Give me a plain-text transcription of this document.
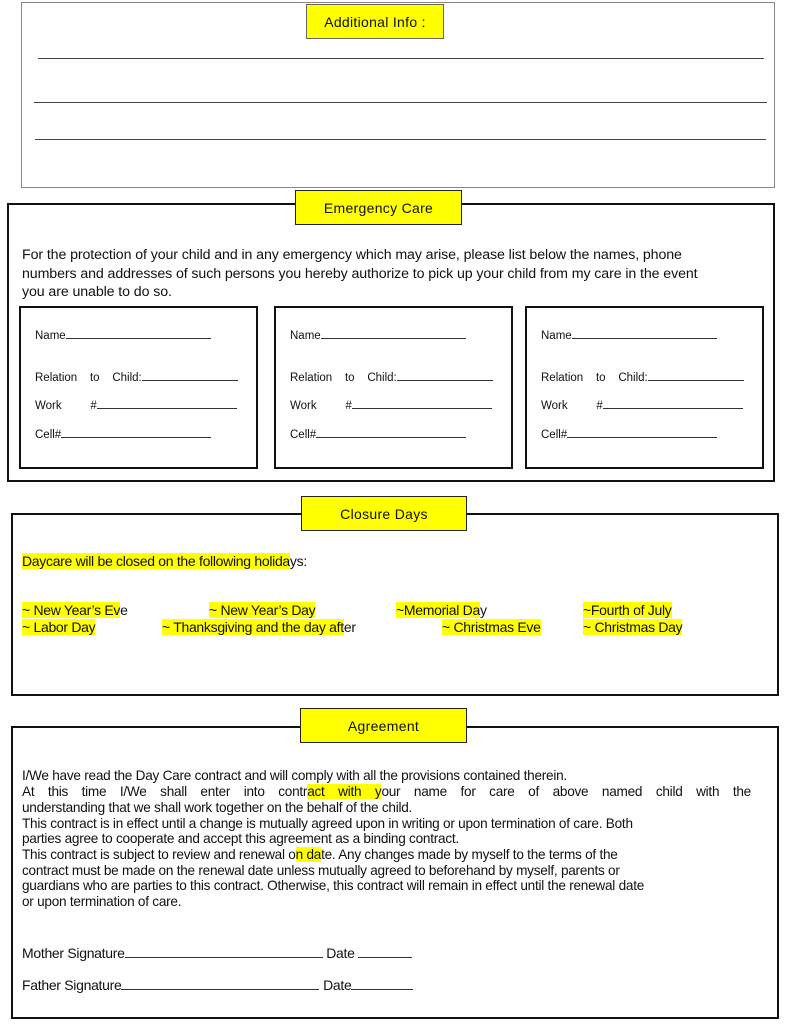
Additional Info :
Emergency Care
For the protection of your child and in any emergency which may arise, please list below the names, phone
numbers and addresses of such persons you hereby authorize to pick up your child from my care in the event
you are unable to do so.
Name
Relation    to    Child:
Work         #
Cell#
Name
Relation    to    Child:
Work         #
Cell#
Name
Relation    to    Child:
Work         #
Cell#
Closure Days
Daycare will be closed on the following holidays:
~ New Year’s Eve	~ New Year’s Day	~Memorial Day	~Fourth of July
~ Labor Day	~ Thanksgiving and the day after	~ Christmas Eve	~ Christmas Day
Agreement
I/We have read the Day Care contract and will comply with all the provisions contained therein.
At this time I/We shall enter into contract with your name for care of above named child with the
understanding that we shall work together on the behalf of the child.
This contract is in effect until a change is mutually agreed upon in writing or upon termination of care. Both
parties agree to cooperate and accept this agreement as a binding contract.
This contract is subject to review and renewal on date. Any changes made by myself to the terms of the
contract must be made on the renewal date unless mutually agreed to beforehand by myself, parents or
guardians who are parties to this contract. Otherwise, this contract will remain in effect until the renewal date
or upon termination of care.
Mother Signature	Date
Father Signature	Date
